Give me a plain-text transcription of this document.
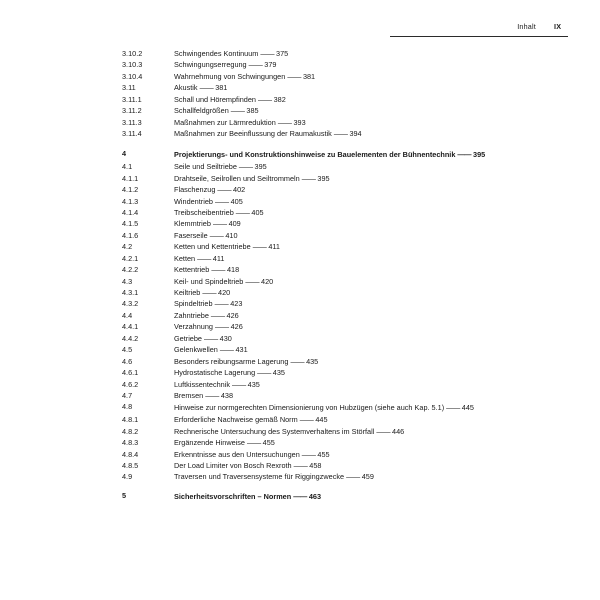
Inhalt	IX
3.10.2	Schwingendes Kontinuum —— 375
3.10.3	Schwingungserregung —— 379
3.10.4	Wahrnehmung von Schwingungen —— 381
3.11	Akustik —— 381
3.11.1	Schall und Hörempfinden —— 382
3.11.2	Schallfeldgrößen —— 385
3.11.3	Maßnahmen zur Lärmreduktion —— 393
3.11.4	Maßnahmen zur Beeinflussung der Raumakustik —— 394
4	Projektierungs- und Konstruktionshinweise zu Bauelementen der Bühnentechnik —— 395
4.1	Seile und Seiltriebe —— 395
4.1.1	Drahtseile, Seilrollen und Seiltrommeln —— 395
4.1.2	Flaschenzug —— 402
4.1.3	Windentrieb —— 405
4.1.4	Treibscheibentrieb —— 405
4.1.5	Klemmtrieb —— 409
4.1.6	Faserseile —— 410
4.2	Ketten und Kettentriebe —— 411
4.2.1	Ketten —— 411
4.2.2	Kettentrieb —— 418
4.3	Keil- und Spindeltrieb —— 420
4.3.1	Keiltrieb —— 420
4.3.2	Spindeltrieb —— 423
4.4	Zahntriebe —— 426
4.4.1	Verzahnung —— 426
4.4.2	Getriebe —— 430
4.5	Gelenkwellen —— 431
4.6	Besonders reibungsarme Lagerung —— 435
4.6.1	Hydrostatische Lagerung —— 435
4.6.2	Luftkissentechnik —— 435
4.7	Bremsen —— 438
4.8	Hinweise zur normgerechten Dimensionierung von Hubzügen (siehe auch Kap. 5.1) —— 445
4.8.1	Erforderliche Nachweise gemäß Norm —— 445
4.8.2	Rechnerische Untersuchung des Systemverhaltens im Störfall —— 446
4.8.3	Ergänzende Hinweise —— 455
4.8.4	Erkenntnisse aus den Untersuchungen —— 455
4.8.5	Der Load Limiter von Bosch Rexroth —— 458
4.9	Traversen und Traversensysteme für Riggingzwecke —— 459
5	Sicherheitsvorschriften – Normen —— 463
